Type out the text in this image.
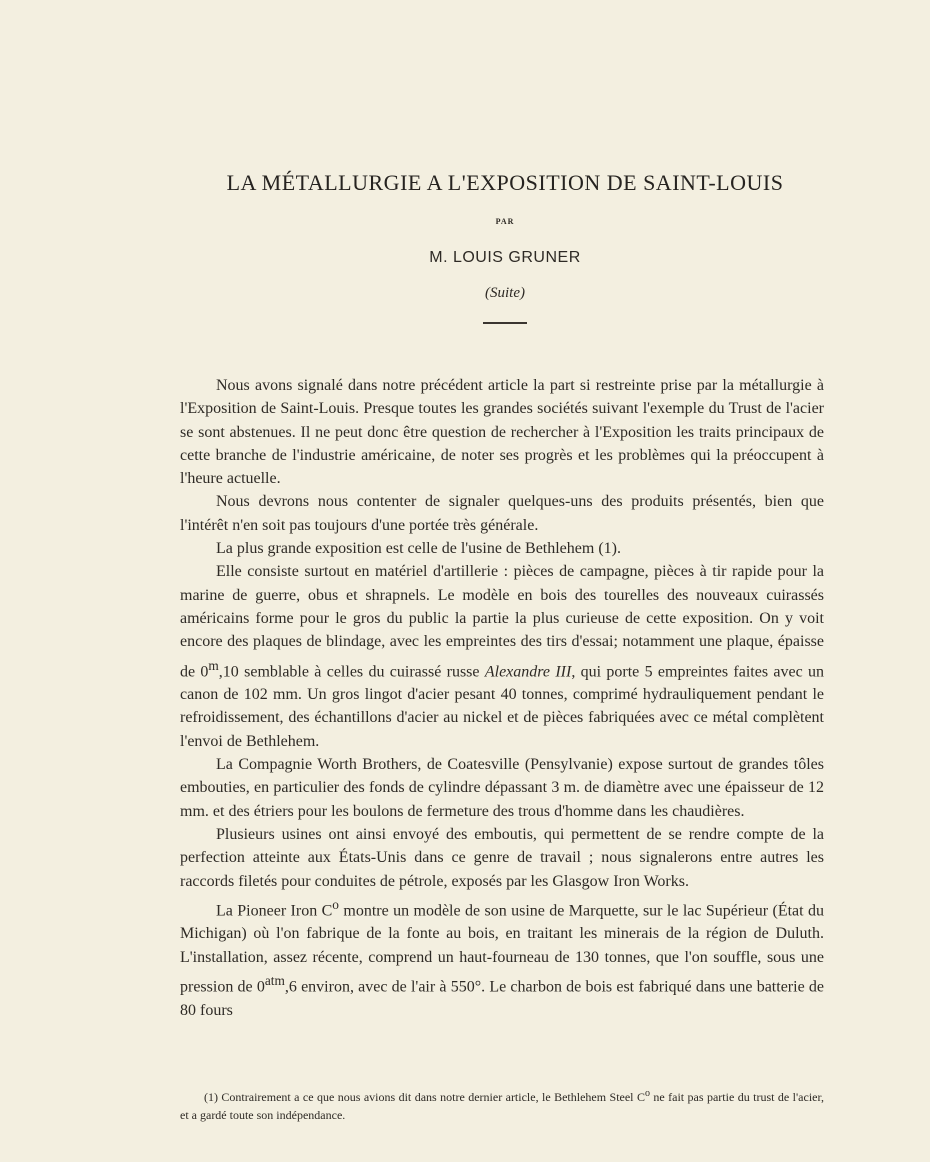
LA MÉTALLURGIE A L'EXPOSITION DE SAINT-LOUIS
PAR
M. LOUIS GRUNER
(Suite)

Nous avons signalé dans notre précédent article la part si restreinte prise par la métallurgie à l'Exposition de Saint-Louis. Presque toutes les grandes sociétés suivant l'exemple du Trust de l'acier se sont abstenues. Il ne peut donc être question de rechercher à l'Exposition les traits principaux de cette branche de l'industrie américaine, de noter ses progrès et les problèmes qui la préoccupent à l'heure actuelle.

Nous devrons nous contenter de signaler quelques-uns des produits présentés, bien que l'intérêt n'en soit pas toujours d'une portée très générale.

La plus grande exposition est celle de l'usine de Bethlehem (1).

Elle consiste surtout en matériel d'artillerie : pièces de campagne, pièces à tir rapide pour la marine de guerre, obus et shrapnels. Le modèle en bois des tourelles des nouveaux cuirassés américains forme pour le gros du public la partie la plus curieuse de cette exposition. On y voit encore des plaques de blindage, avec les empreintes des tirs d'essai; notamment une plaque, épaisse de 0$^m$,10 semblable à celles du cuirassé russe Alexandre III, qui porte 5 empreintes faites avec un canon de 102 mm. Un gros lingot d'acier pesant 40 tonnes, comprimé hydrauliquement pendant le refroidissement, des échantillons d'acier au nickel et de pièces fabriquées avec ce métal complètent l'envoi de Bethlehem.

La Compagnie Worth Brothers, de Coatesville (Pensylvanie) expose surtout de grandes tôles embouties, en particulier des fonds de cylindre dépassant 3 m. de diamètre avec une épaisseur de 12 mm. et des étriers pour les boulons de fermeture des trous d'homme dans les chaudières.

Plusieurs usines ont ainsi envoyé des emboutis, qui permettent de se rendre compte de la perfection atteinte aux États-Unis dans ce genre de travail ; nous signalerons entre autres les raccords filetés pour conduites de pétrole, exposés par les Glasgow Iron Works.

La Pioneer Iron $C^o$ montre un modèle de son usine de Marquette, sur le lac Supérieur (État du Michigan) où l'on fabrique de la fonte au bois, en traitant les minerais de la région de Duluth. L'installation, assez récente, comprend un haut-fourneau de 130 tonnes, que l'on souffle, sous une pression de $0^{atm},6$ environ, avec de l'air à 550°. Le charbon de bois est fabriqué dans une batterie de 80 fours

(1) Contrairement a ce que nous avions dit dans notre dernier article, le Bethlehem Steel $C^o$ ne fait pas partie du trust de l'acier, et a gardé toute son indépendance.
